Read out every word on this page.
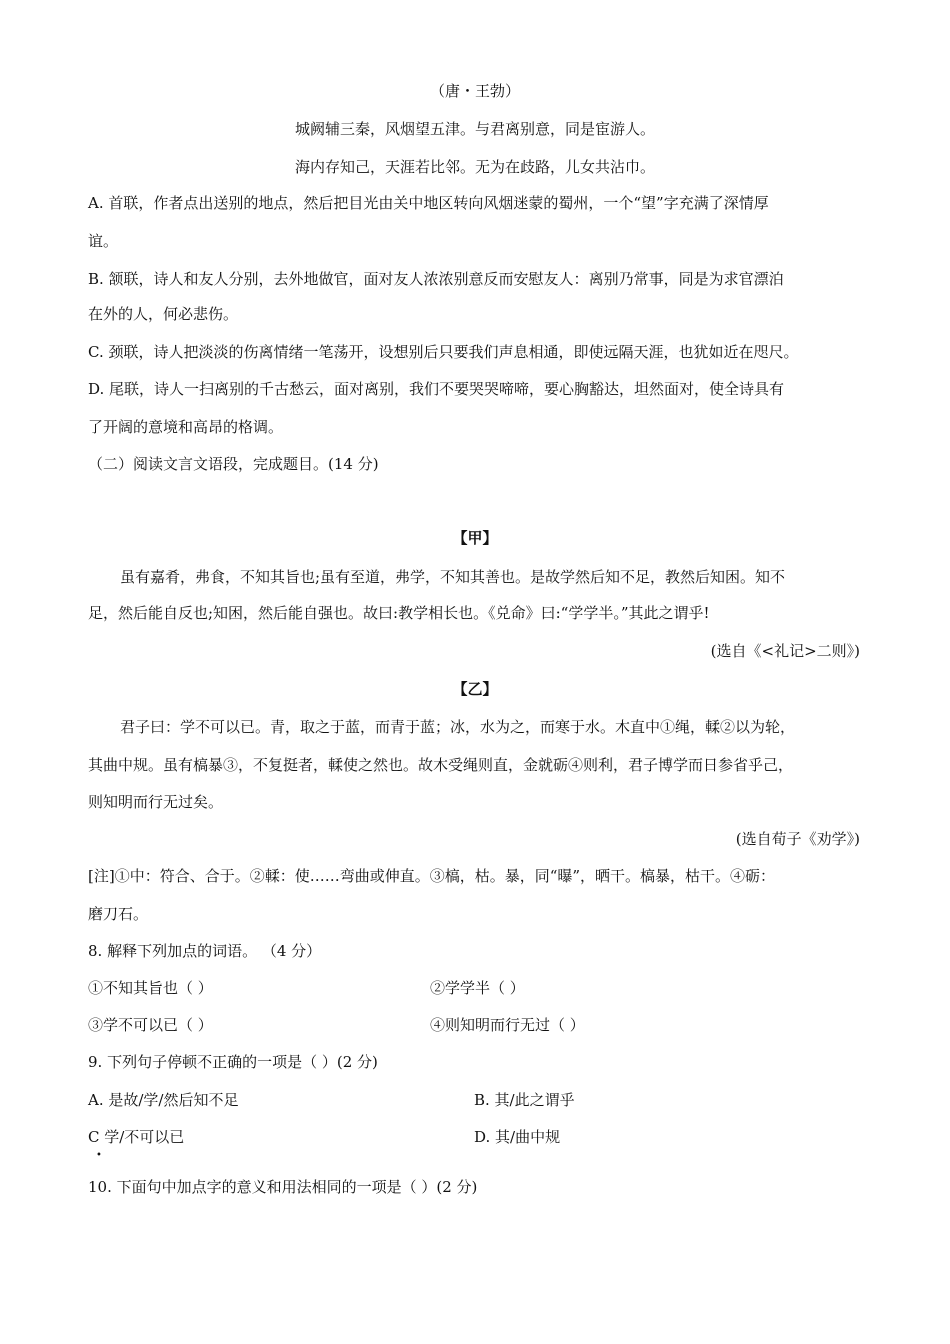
（唐・王勃）
城阙辅三秦，风烟望五津。与君离别意，同是宦游人。
海内存知己，天涯若比邻。无为在歧路，儿女共沾巾。
A. 首联，作者点出送别的地点，然后把目光由关中地区转向风烟迷蒙的蜀州，一个“望”字充满了深情厚
谊。
B. 颔联，诗人和友人分别，去外地做官，面对友人浓浓别意反而安慰友人：离别乃常事，同是为求官漂泊
在外的人，何必悲伤。
C. 颈联，诗人把淡淡的伤离情绪一笔荡开，设想别后只要我们声息相通，即使远隔天涯，也犹如近在咫尺。
D. 尾联，诗人一扫离别的千古愁云，面对离别，我们不要哭哭啼啼，要心胸豁达，坦然面对，使全诗具有
了开阔的意境和高昂的格调。
（二）阅读文言文语段，完成题目。(14 分)
【甲】
虽有嘉肴，弗食，不知其旨也;虽有至道，弗学，不知其善也。是故学然后知不足，教然后知困。知不
足，然后能自反也;知困，然后能自强也。故曰:教学相长也。《兑命》曰:“学学半。”其此之谓乎!
(选自《<礼记>二则》)
【乙】
君子曰：学不可以已。青，取之于蓝，而青于蓝；冰，水为之，而寒于水。木直中①绳，輮②以为轮，
其曲中规。虽有槁暴③，不复挺者，輮使之然也。故木受绳则直，金就砺④则利，君子博学而日参省乎己，
则知明而行无过矣。
(选自荀子《劝学》)
[注]①中：符合、合于。②輮：使……弯曲或伸直。③槁，枯。暴，同“曝”，晒干。槁暴，枯干。④砺：
磨刀石。
8. 解释下列加点的词语。 （4 分）
①不知其旨也（ ）	②学学半（ ）
③学不可以已（ ）	④则知明而行无过（ ）
9. 下列句子停顿不正确的一项是（ ）(2 分)
A. 是故/学/然后知不足	B. 其/此之谓乎
C 学/不可以已	D. 其/曲中规
•
10. 下面句中加点字的意义和用法相同的一项是（ ）(2 分)
